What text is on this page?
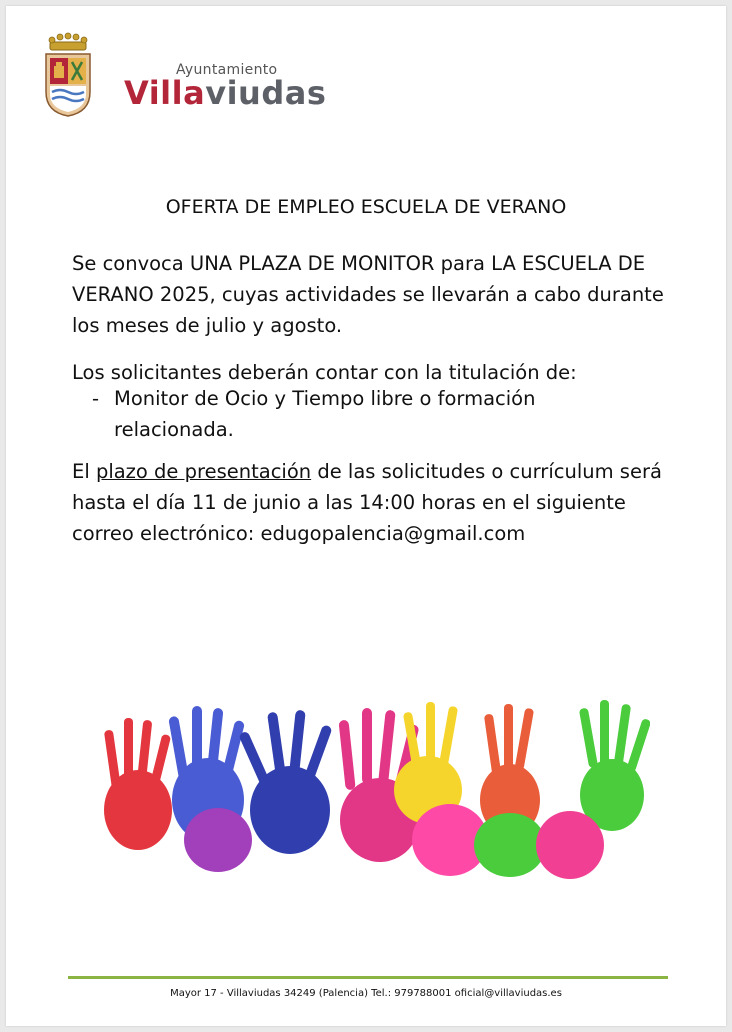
Ayuntamiento
Villaviudas
OFERTA DE EMPLEO ESCUELA DE VERANO
Se convoca UNA PLAZA DE MONITOR para LA ESCUELA DE VERANO 2025, cuyas actividades se llevarán a cabo durante los meses de julio y agosto.
Los solicitantes deberán contar con la titulación de:
- Monitor de Ocio y Tiempo libre o formación relacionada.
El plazo de presentación de las solicitudes o currículum será hasta el día 11 de junio a las 14:00 horas en el siguiente correo electrónico: edugopalencia@gmail.com
Mayor 17 - Villaviudas 34249 (Palencia) Tel.: 979788001 oficial@villaviudas.es
